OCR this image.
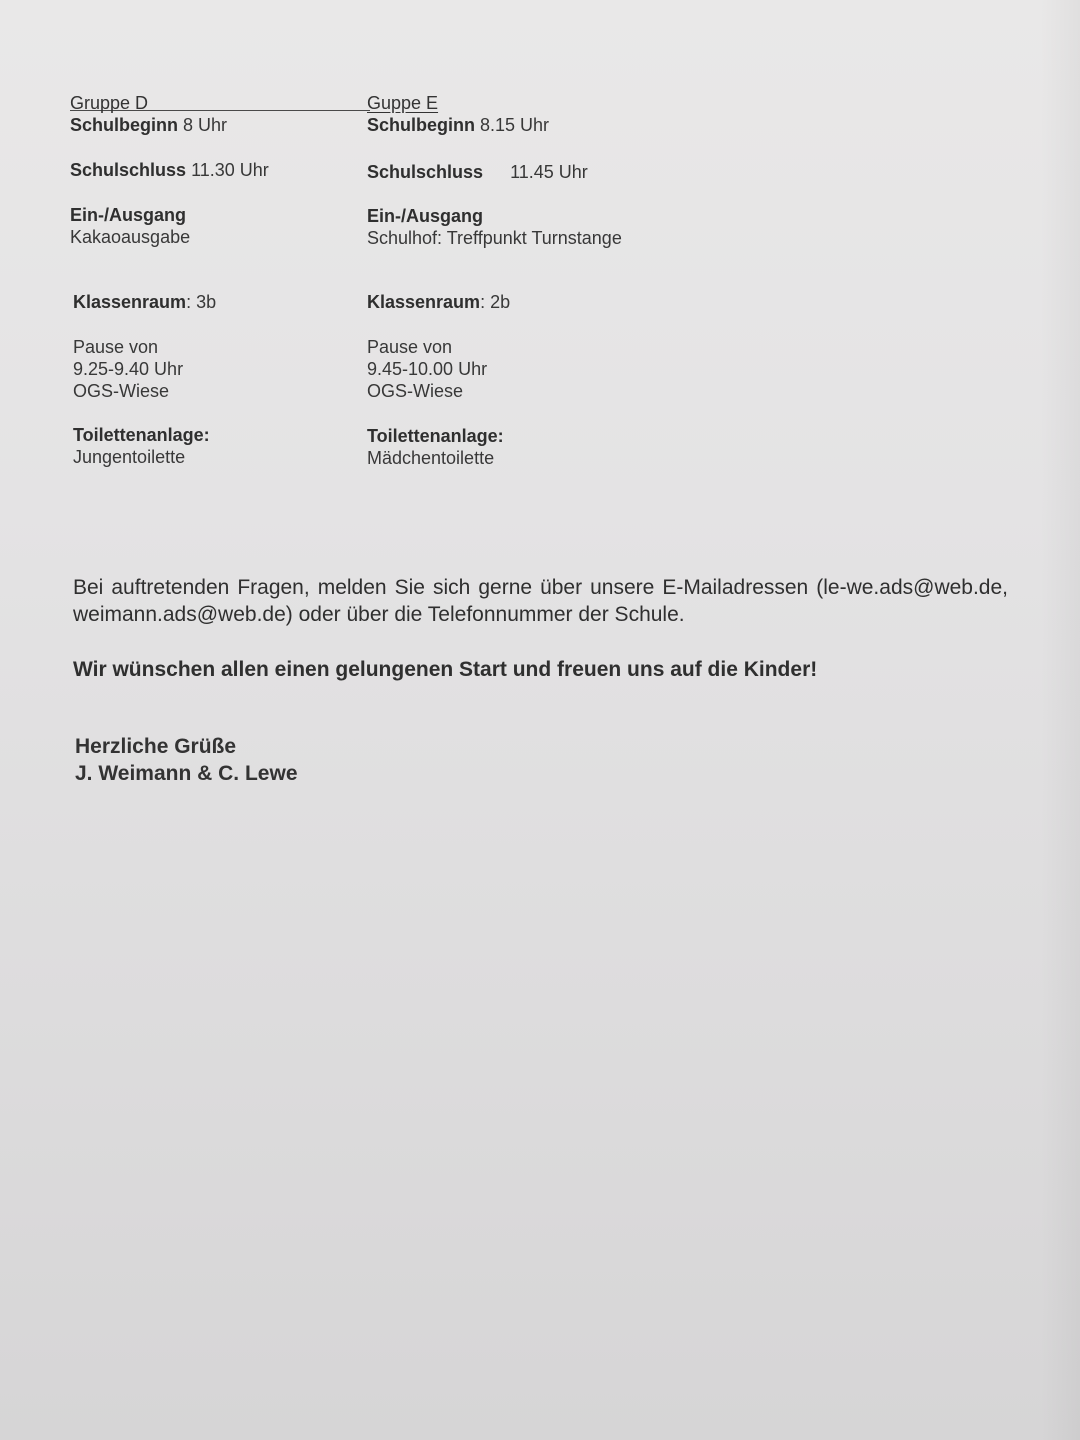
Gruppe D
Schulbeginn 8 Uhr
Schulschluss 11.30 Uhr
Ein-/Ausgang
Kakaoausgabe
Klassenraum: 3b
Pause von
9.25-9.40 Uhr
OGS-Wiese
Toilettenanlage:
Jungentoilette
Guppe E
Schulbeginn 8.15 Uhr
Schulschluss 11.45 Uhr
Ein-/Ausgang
Schulhof: Treffpunkt Turnstange
Klassenraum: 2b
Pause von
9.45-10.00 Uhr
OGS-Wiese
Toilettenanlage:
Mädchentoilette

Bei auftretenden Fragen, melden Sie sich gerne über unsere E-Mailadressen (le-we.ads@web.de, weimann.ads@web.de) oder über die Telefonnummer der Schule.

Wir wünschen allen einen gelungenen Start und freuen uns auf die Kinder!

Herzliche Grüße
J. Weimann & C. Lewe
